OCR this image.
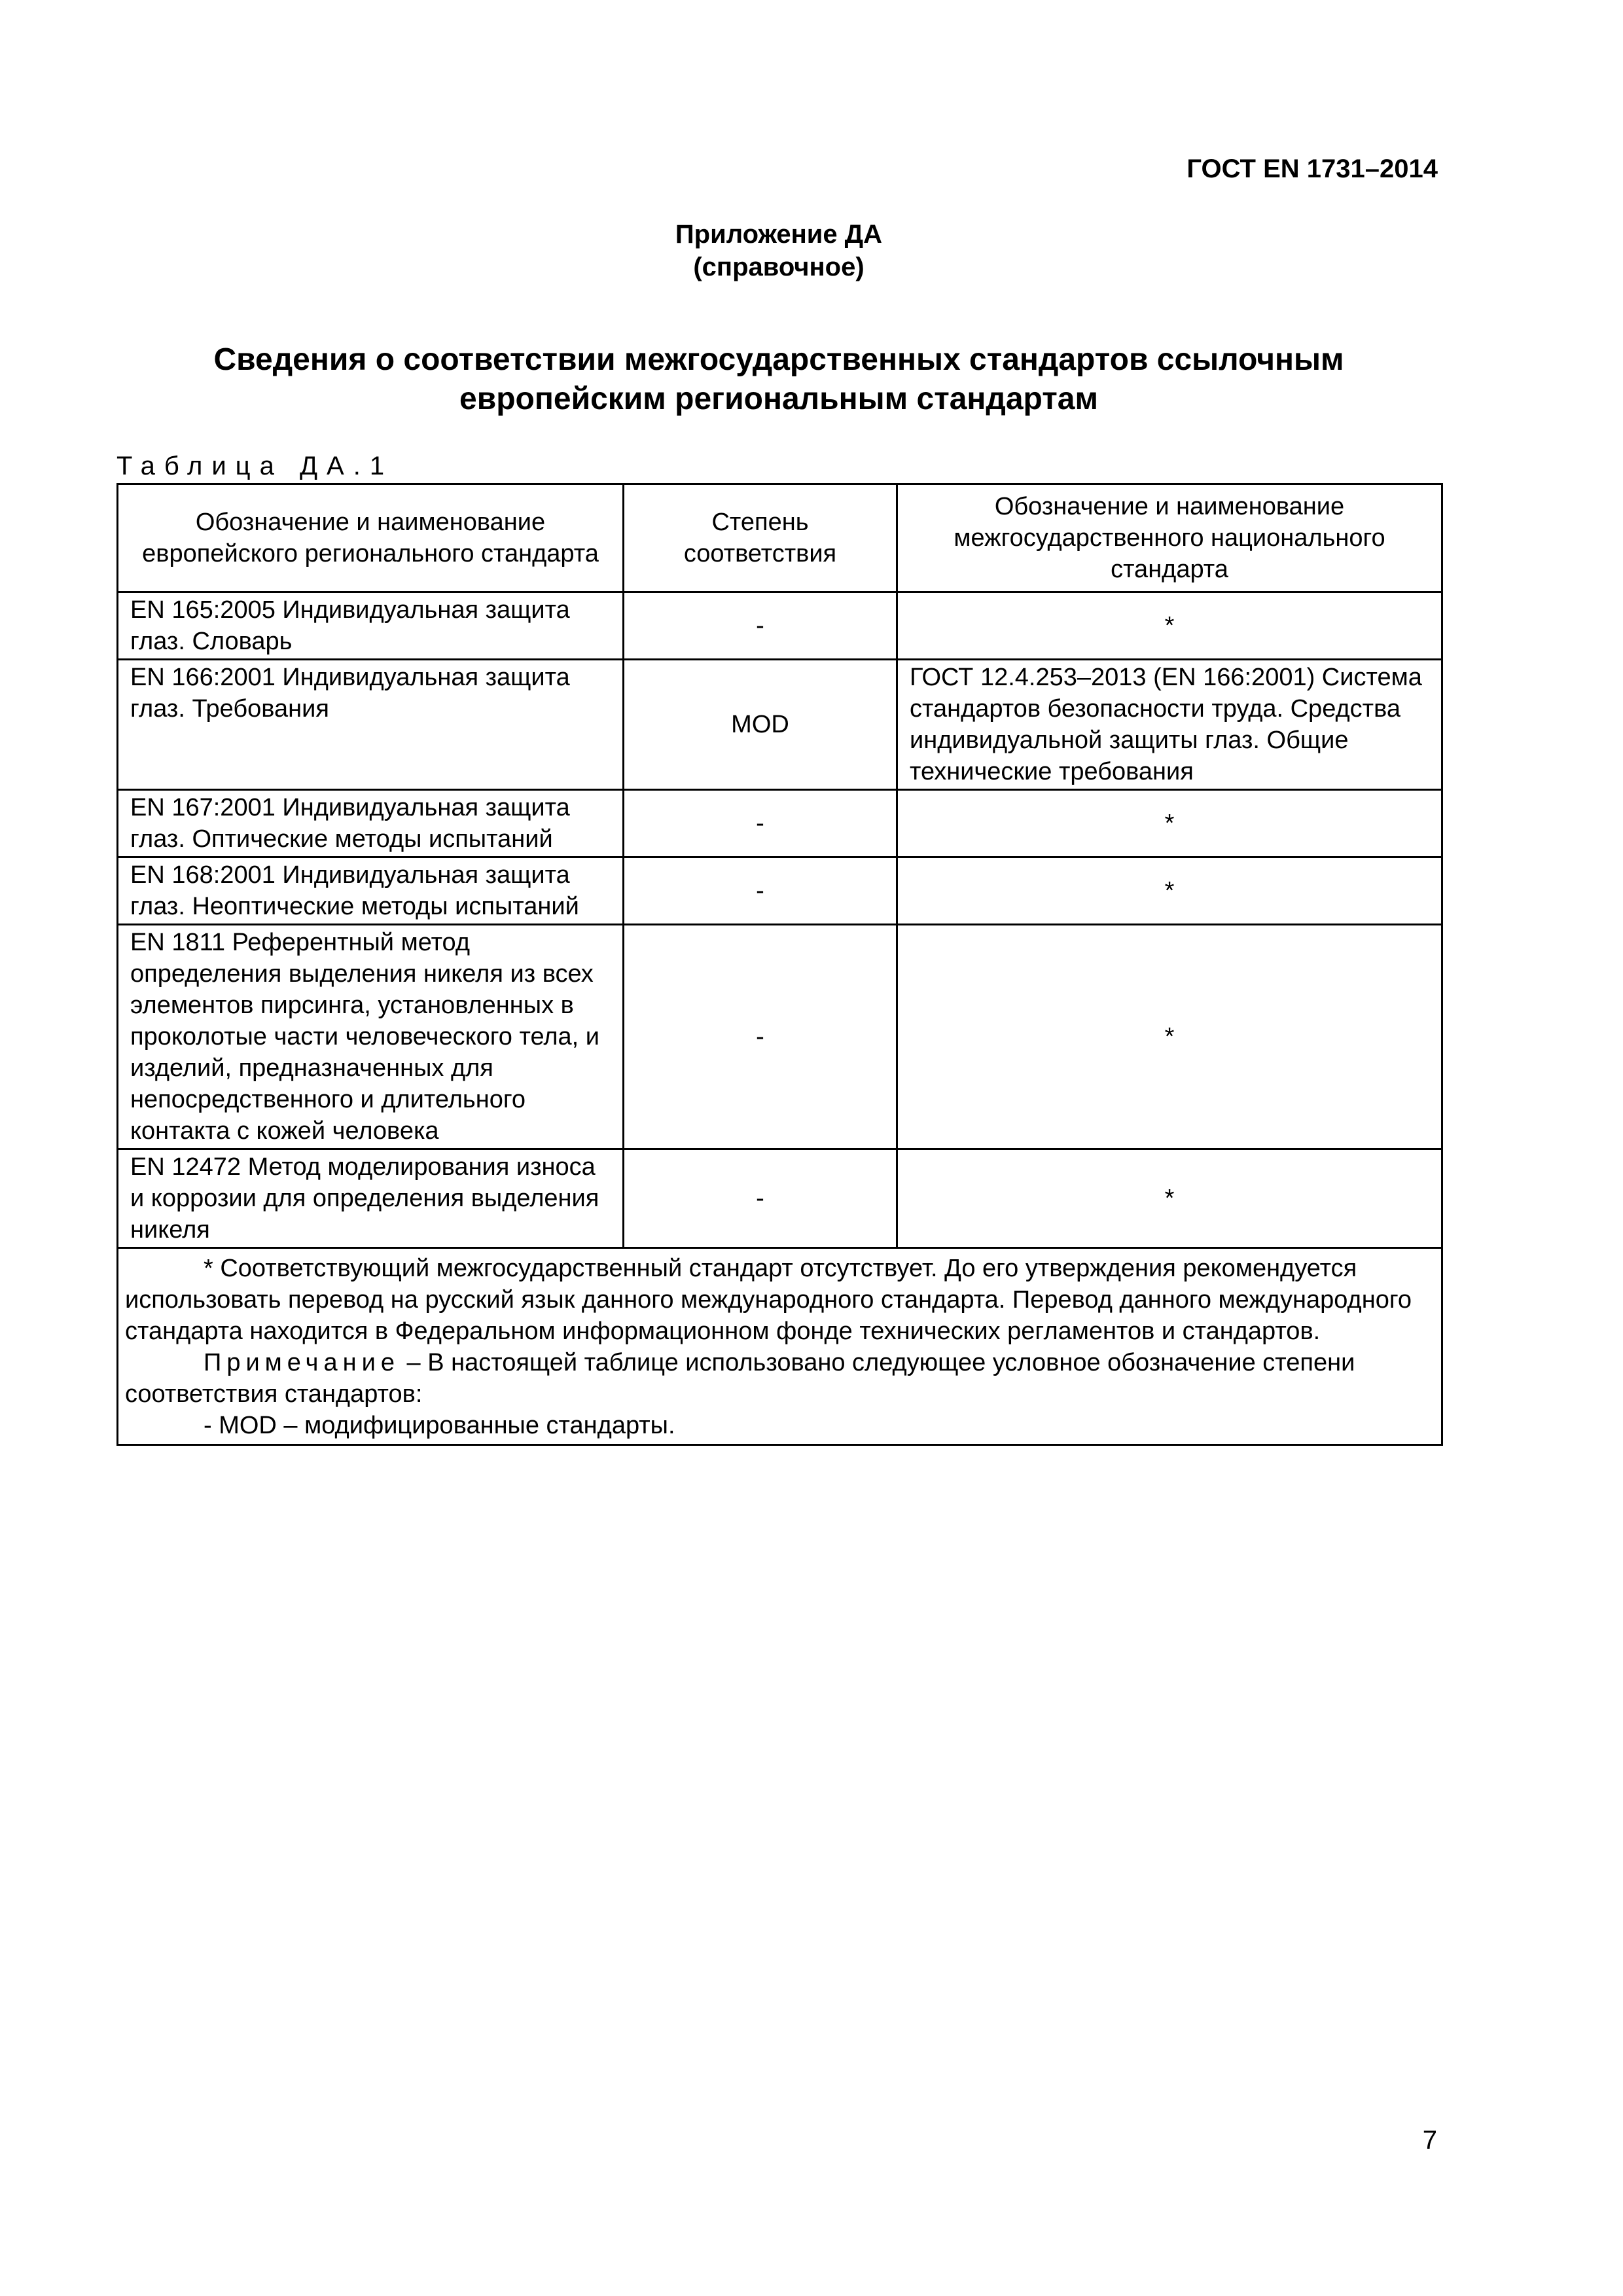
ГОСТ EN 1731–2014
Приложение ДА
(справочное)
Сведения о соответствии межгосударственных стандартов ссылочным
европейским региональным стандартам
Таблица ДА.1
Обозначение и наименование европейского регионального стандарта	Степень соответствия	Обозначение и наименование межгосударственного национального стандарта
EN 165:2005 Индивидуальная защита глаз. Словарь	-	*
EN 166:2001 Индивидуальная защита глаз. Требования	MOD	ГОСТ 12.4.253–2013 (EN 166:2001) Система стандартов безопасности труда. Средства индивидуальной защиты глаз. Общие технические требования
EN 167:2001 Индивидуальная защита глаз. Оптические методы испытаний	-	*
EN 168:2001 Индивидуальная защита глаз. Неоптические методы испытаний	-	*
EN 1811 Референтный метод определения выделения никеля из всех элементов пирсинга, установленных в проколотые части человеческого тела, и изделий, предназначенных для непосредственного и длительного контакта с кожей человека	-	*
EN 12472 Метод моделирования износа и коррозии для определения выделения никеля	-	*

* Соответствующий межгосударственный стандарт отсутствует. До его утверждения рекомендуется использовать перевод на русский язык данного международного стандарта. Перевод данного международного стандарта находится в Федеральном информационном фонде технических регламентов и стандартов.
Примечание – В настоящей таблице использовано следующее условное обозначение степени соответствия стандартов:
- MOD – модифицированные стандарты.		
7
